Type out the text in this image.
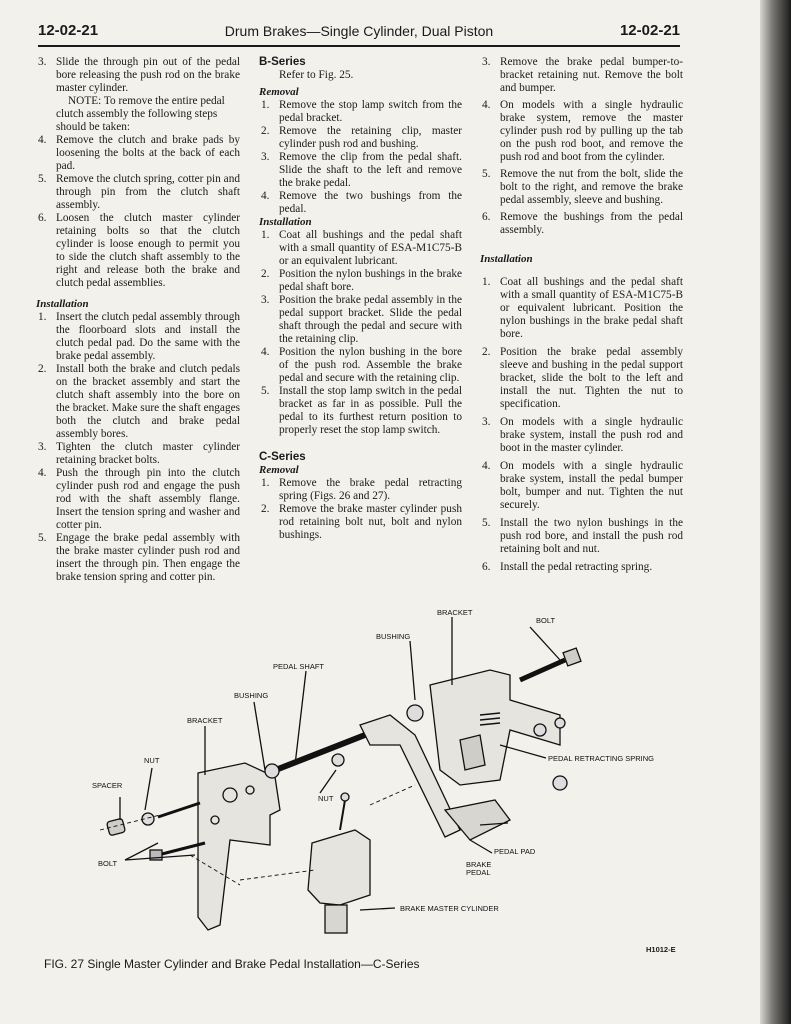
12-02-21	Drum Brakes—Single Cylinder, Dual Piston	12-02-21
3. Slide the through pin out of the pedal bore releasing the push rod on the brake master cylinder.

NOTE: To remove the entire pedal clutch assembly the following steps should be taken:

4. Remove the clutch and brake pads by loosening the bolts at the back of each pad.
5. Remove the clutch spring, cotter pin and through pin from the clutch shaft assembly.
6. Loosen the clutch master cylinder retaining bolts so that the clutch cylinder is loose enough to permit you to side the clutch shaft assembly to the right and release both the brake and clutch pedal assemblies.

Installation

1. Insert the clutch pedal assembly through the floorboard slots and install the clutch pedal pad. Do the same with the brake pedal assembly.
2. Install both the brake and clutch pedals on the bracket assembly and start the clutch shaft assembly into the bore on the bracket. Make sure the shaft engages both the clutch and brake pedal assembly bores.
3. Tighten the clutch master cylinder retaining bracket bolts.
4. Push the through pin into the clutch cylinder push rod and engage the push rod with the shaft assembly flange. Insert the tension spring and washer and cotter pin.
5. Engage the brake pedal assembly with the brake master cylinder push rod and insert the through pin. Then engage the brake tension spring and cotter pin.

B-Series

Refer to Fig. 25.

Removal

1. Remove the stop lamp switch from the pedal bracket.
2. Remove the retaining clip, master cylinder push rod and bushing.
3. Remove the clip from the pedal shaft. Slide the shaft to the left and remove the brake pedal.
4. Remove the two bushings from the pedal.

Installation

1. Coat all bushings and the pedal shaft with a small quantity of ESA-M1C75-B or an equivalent lubricant.
2. Position the nylon bushings in the brake pedal shaft bore.
3. Position the brake pedal assembly in the pedal support bracket. Slide the pedal shaft through the pedal and secure with the retaining clip.
4. Position the nylon bushing in the bore of the push rod. Assemble the brake pedal and secure with the retaining clip.
5. Install the stop lamp switch in the pedal bracket as far in as possible. Pull the pedal to its furthest return position to properly reset the stop lamp switch.

C-Series

Removal

1. Remove the brake pedal retracting spring (Figs. 26 and 27).
2. Remove the brake master cylinder push rod retaining bolt nut, bolt and nylon bushings.
3. Remove the brake pedal bumper-to-bracket retaining nut. Remove the bolt and bumper.
4. On models with a single hydraulic brake system, remove the master cylinder push rod by pulling up the tab on the push rod boot, and remove the push rod and boot from the cylinder.
5. Remove the nut from the bolt, slide the bolt to the right, and remove the brake pedal assembly, sleeve and bushing.
6. Remove the bushings from the pedal assembly.

Installation

1. Coat all bushings and the pedal shaft with a small quantity of ESA-M1C75-B or equivalent lubricant. Position the nylon bushings in the brake pedal shaft bore.
2. Position the brake pedal assembly sleeve and bushing in the pedal support bracket, slide the bolt to the left and install the nut. Tighten the nut to specification.
3. On models with a single hydraulic brake system, install the push rod and boot in the master cylinder.
4. On models with a single hydraulic brake system, install the pedal bumper bolt, bumper and nut. Tighten the nut securely.
5. Install the two nylon bushings in the push rod bore, and install the push rod retaining bolt and nut.
6. Install the pedal retracting spring.
BRACKET
BOLT
BUSHING
PEDAL SHAFT
BUSHING
BRACKET
NUT
SPACER
NUT
BOLT
PEDAL RETRACTING SPRING
PEDAL PAD
BRAKE
PEDAL
BRAKE MASTER CYLINDER
H1012-E
FIG. 27 Single Master Cylinder and Brake Pedal Installation—C-Series
